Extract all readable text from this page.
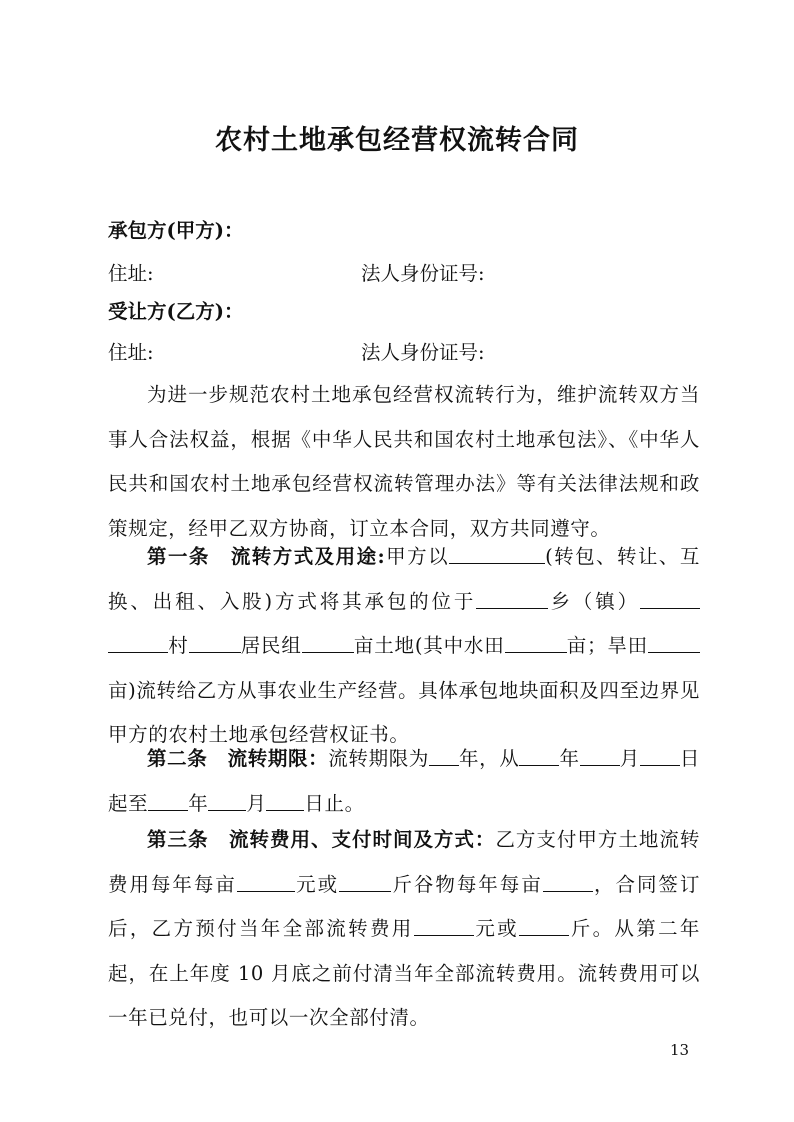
农村土地承包经营权流转合同
承包方(甲方)：
住址:	法人身份证号:
受让方(乙方)：
住址:	法人身份证号:
为进一步规范农村土地承包经营权流转行为，维护流转双方当事人合法权益，根据《中华人民共和国农村土地承包法》、《中华人民共和国农村土地承包经营权流转管理办法》等有关法律法规和政策规定，经甲乙双方协商，订立本合同，双方共同遵守。
第一条　流转方式及用途:甲方以	(转包、转让、互换、出租、入股)方式将其承包的位于	乡（镇）村	居民组	亩土地(其中水田	亩；旱田亩)流转给乙方从事农业生产经营。具体承包地块面积及四至边界见甲方的农村土地承包经营权证书。
第二条　流转期限：流转期限为 年，从 年 月 日起至 年 月 日止。
第三条　流转费用、支付时间及方式：乙方支付甲方土地流转费用每年每亩	元或	斤谷物每年每亩	，合同签订后，乙方预付当年全部流转费用	元或	斤。从第二年起，在上年度 10 月底之前付清当年全部流转费用。流转费用可以一年已兑付，也可以一次全部付清。
13
